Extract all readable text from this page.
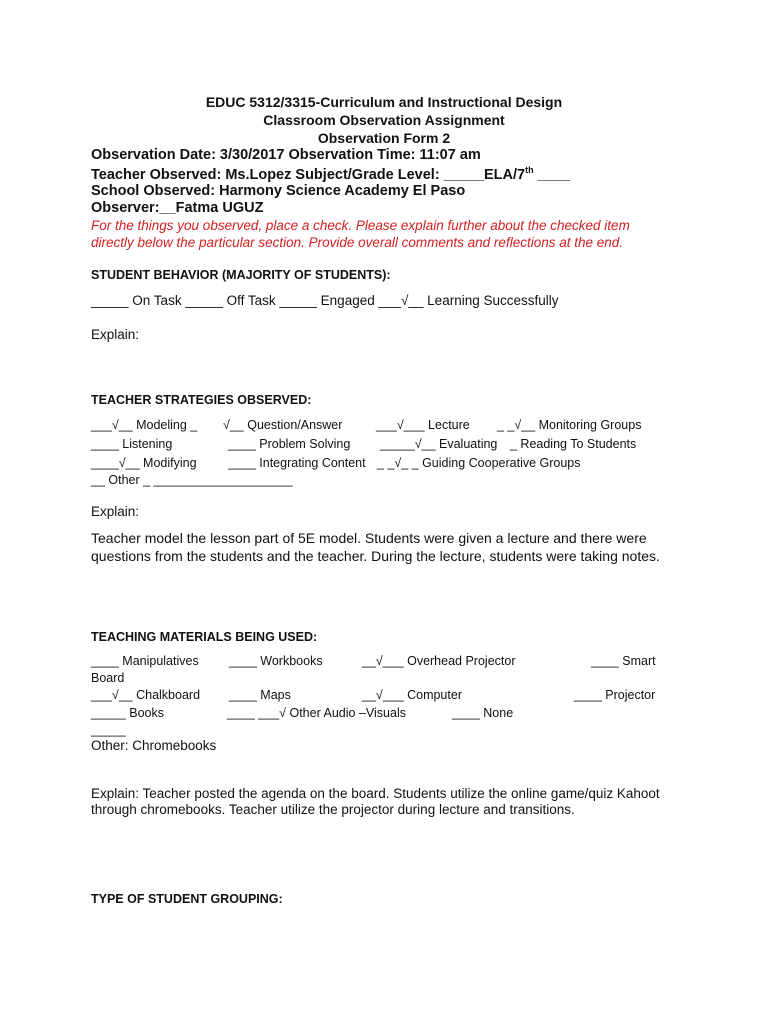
EDUC 5312/3315-Curriculum and Instructional Design
Classroom Observation Assignment
Observation Form 2
Observation Date: 3/30/2017 Observation Time: 11:07 am
Teacher Observed: Ms.Lopez Subject/Grade Level: _____ELA/7th ____
School Observed: Harmony Science Academy El Paso
Observer:__Fatma UGUZ
For the things you observed, place a check. Please explain further about the checked item
directly below the particular section. Provide overall comments and reflections at the end.
STUDENT BEHAVIOR (MAJORITY OF STUDENTS):
_____ On Task _____ Off Task _____ Engaged ___√__ Learning Successfully
Explain:
TEACHER STRATEGIES OBSERVED:
___√__ Modeling _ √__ Question/Answer	___√___ Lecture _ _√__ Monitoring Groups
____ Listening	____ Problem Solving _____√__ Evaluating _ Reading To Students
____√__ Modifying	____ Integrating Content _ _√_ _ Guiding Cooperative Groups
__ Other _ ____________________
Explain:
Teacher model the lesson part of 5E model. Students were given a lecture and there were questions from the students and the teacher. During the lecture, students were taking notes.
TEACHING MATERIALS BEING USED:
____ Manipulatives ____ Workbooks	__√___ Overhead Projector	____ Smart
Board
___√__ Chalkboard ____ Maps	__√___ Computer	____ Projector
_____ Books	____ ___√ Other Audio –Visuals	____ None
_____
Other: Chromebooks
Explain: Teacher posted the agenda on the board. Students utilize the online game/quiz Kahoot through chromebooks. Teacher utilize the projector during lecture and transitions.
TYPE OF STUDENT GROUPING:
